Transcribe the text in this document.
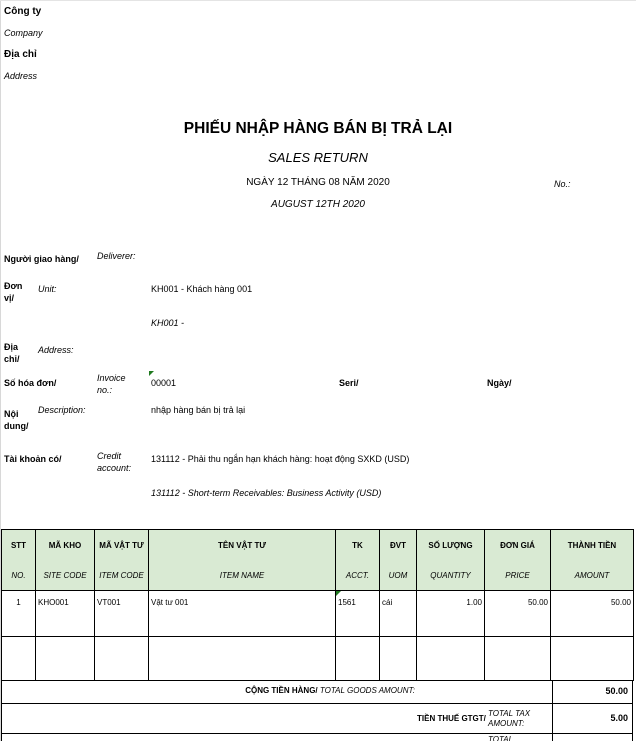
Công ty
Company
Địa chỉ
Address
PHIẾU NHẬP HÀNG BÁN BỊ TRẢ LẠI
SALES RETURN
NGÀY 12 THÁNG 08 NĂM 2020
AUGUST 12TH 2020
No.:
Người giao hàng/ Deliverer:
Đơn
vị/
Unit:	KH001 - Khách hàng 001
KH001 -
Địa
chỉ/
Address:
Số hóa đơn/	Invoice
no.:
00001	Seri/	Ngày/
Nội
dung/
Description:	nhập hàng bán bị trả lại
Tài khoản có/	Credit
account:
131112 - Phải thu ngắn hạn khách hàng: hoạt động SXKD (USD)
131112 - Short-term Receivables: Business Activity (USD)
STT	MÃ KHO	MÃ VẬT TƯ	TÊN VẬT TƯ	TK	ĐVT	SỐ LƯỢNG	ĐƠN GIÁ	THÀNH TIỀN
NO.	SITE CODE	ITEM CODE	ITEM NAME	ACCT.	UOM	QUANTITY	PRICE	AMOUNT
1	KHO001	VT001	Vật tư 001	1561	cái	1.00	50.00	50.00

CỘNG TIỀN HÀNG/ TOTAL GOODS AMOUNT:	50.00
TIỀN THUẾ GTGT/
TOTAL TAX
AMOUNT:
5.00
TOTAL
